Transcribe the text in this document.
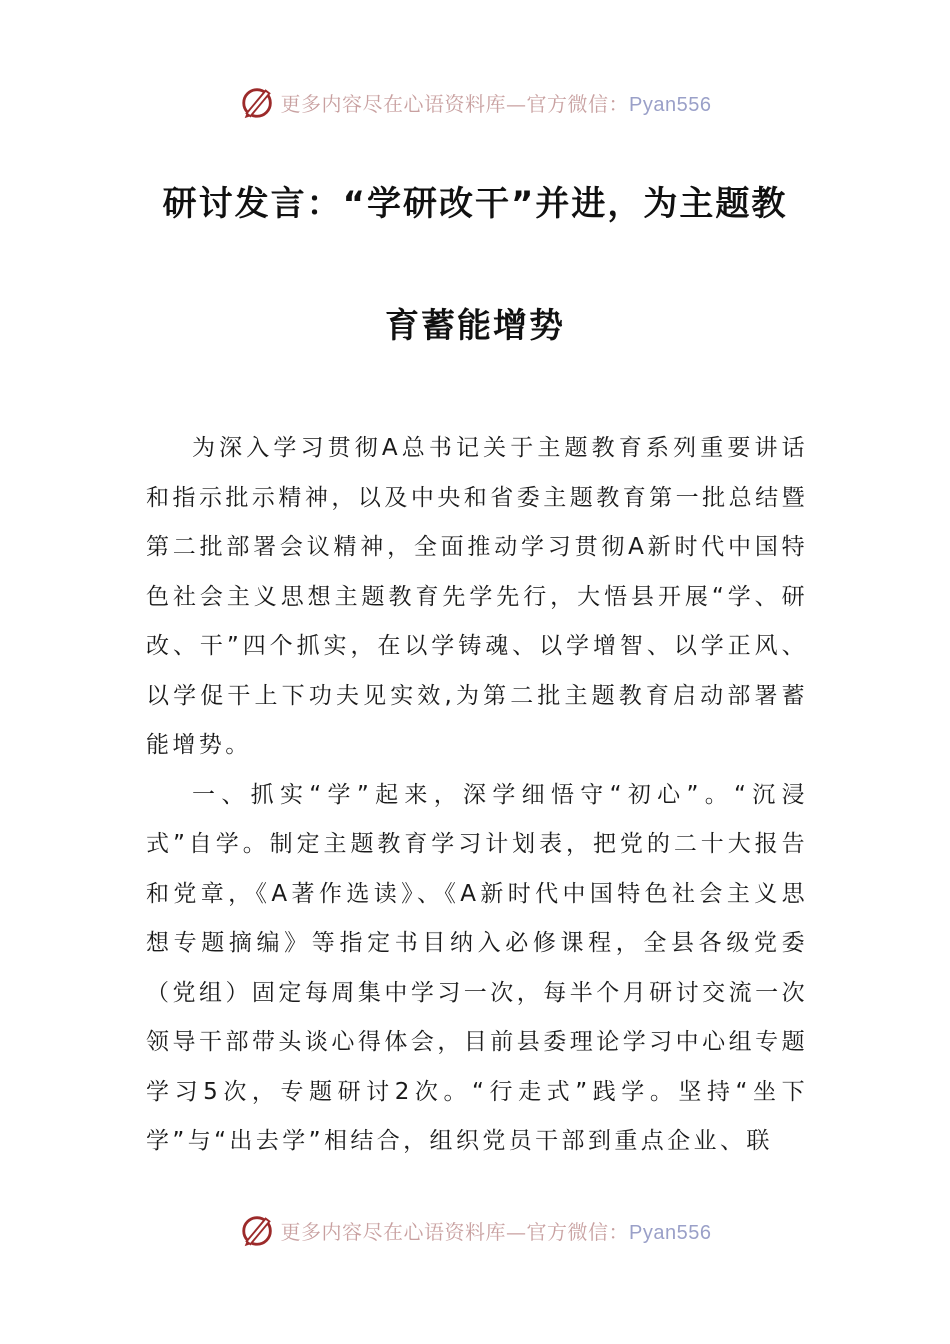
更多内容尽在心语资料库—官方微信：Pyan556
研讨发言：“学研改干”并进，为主题教
育蓄能增势

为深入学习贯彻A总书记关于主题教育系列重要讲话和指示批示精神，以及中央和省委主题教育第一批总结暨第二批部署会议精神，全面推动学习贯彻A新时代中国特色社会主义思想主题教育先学先行，大悟县开展“学、研改、干”四个抓实，在以学铸魂、以学增智、以学正风、以学促干上下功夫见实效,为第二批主题教育启动部署蓄能增势。

一、抓实“学”起来，深学细悟守“初心”。“沉浸式”自学。制定主题教育学习计划表，把党的二十大报告和党章，《A著作选读》、《A新时代中国特色社会主义思想专题摘编》等指定书目纳入必修课程，全县各级党委（党组）固定每周集中学习一次，每半个月研讨交流一次领导干部带头谈心得体会，目前县委理论学习中心组专题学习5次，专题研讨2次。“行走式”践学。坚持“坐下学”与“出去学”相结合，组织党员干部到重点企业、联

更多内容尽在心语资料库—官方微信：Pyan556
